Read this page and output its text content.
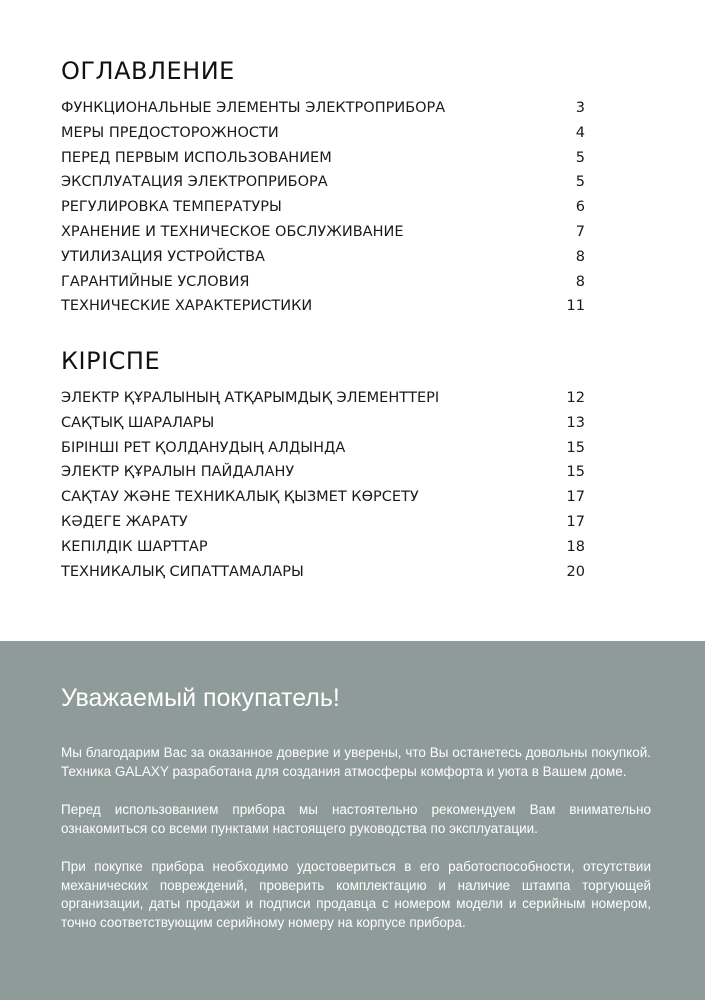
ОГЛАВЛЕНИЕ
ФУНКЦИОНАЛЬНЫЕ ЭЛЕМЕНТЫ ЭЛЕКТРОПРИБОРА	3
МЕРЫ ПРЕДОСТОРОЖНОСТИ	4
ПЕРЕД ПЕРВЫМ ИСПОЛЬЗОВАНИЕМ	5
ЭКСПЛУАТАЦИЯ ЭЛЕКТРОПРИБОРА	5
РЕГУЛИРОВКА ТЕМПЕРАТУРЫ	6
ХРАНЕНИЕ И ТЕХНИЧЕСКОЕ ОБСЛУЖИВАНИЕ	7
УТИЛИЗАЦИЯ УСТРОЙСТВА	8
ГАРАНТИЙНЫЕ УСЛОВИЯ	8
ТЕХНИЧЕСКИЕ ХАРАКТЕРИСТИКИ	11
КІРІСПЕ
ЭЛЕКТР ҚҰРАЛЫНЫҢ АТҚАРЫМДЫҚ ЭЛЕМЕНТТЕРІ	12
САҚТЫҚ ШАРАЛАРЫ	13
БІРІНШІ РЕТ ҚОЛДАНУДЫҢ АЛДЫНДА	15
ЭЛЕКТР ҚҰРАЛЫН ПАЙДАЛАНУ	15
САҚТАУ ЖӘНЕ ТЕХНИКАЛЫҚ ҚЫЗМЕТ КӨРСЕТУ	17
КӘДЕГЕ ЖАРАТУ	17
КЕПІЛДІК ШАРТТАР	18
ТЕХНИКАЛЫҚ СИПАТТАМАЛАРЫ	20
Уважаемый покупатель!

Мы благодарим Вас за оказанное доверие и уверены, что Вы останетесь довольны покупкой. Техника GALAXY разработана для создания атмосферы комфорта и уюта в Вашем доме.

Перед использованием прибора мы настоятельно рекомендуем Вам внимательно ознакомиться со всеми пунктами настоящего руководства по эксплуатации.

При покупке прибора необходимо удостовериться в его работоспособности, отсутствии механических повреждений, проверить комплектацию и наличие штампа торгующей организации, даты продажи и подписи продавца с номером модели и серийным номером, точно соответствующим серийному номеру на корпусе прибора.
